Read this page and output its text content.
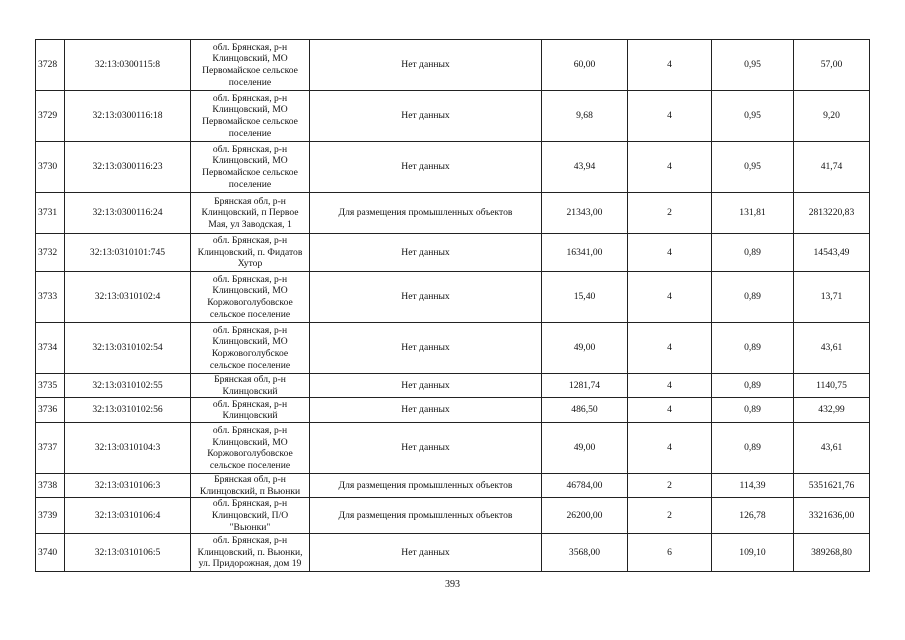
3728	32:13:0300115:8	обл. Брянская, р-н Клинцовский, МО Первомайское сельское поселение	Нет данных	60,00	4	0,95	57,00
3729	32:13:0300116:18	обл. Брянская, р-н Клинцовский, МО Первомайское сельское поселение	Нет данных	9,68	4	0,95	9,20
3730	32:13:0300116:23	обл. Брянская, р-н Клинцовский, МО Первомайское сельское поселение	Нет данных	43,94	4	0,95	41,74
3731	32:13:0300116:24	Брянская обл, р-н Клинцовский, п Первое Мая, ул Заводская, 1	Для размещения промышленных объектов	21343,00	2	131,81	2813220,83
3732	32:13:0310101:745	обл. Брянская, р-н Клинцовский, п. Фидатов Хутор	Нет данных	16341,00	4	0,89	14543,49
3733	32:13:0310102:4	обл. Брянская, р-н Клинцовский, МО Коржовоголубовское сельское поселение	Нет данных	15,40	4	0,89	13,71
3734	32:13:0310102:54	обл. Брянская, р-н Клинцовский, МО Коржовоголубское сельское поселение	Нет данных	49,00	4	0,89	43,61
3735	32:13:0310102:55	Брянская обл, р-н Клинцовский	Нет данных	1281,74	4	0,89	1140,75
3736	32:13:0310102:56	обл. Брянская, р-н Клинцовский	Нет данных	486,50	4	0,89	432,99
3737	32:13:0310104:3	обл. Брянская, р-н Клинцовский, МО Коржовоголубовское сельское поселение	Нет данных	49,00	4	0,89	43,61
3738	32:13:0310106:3	Брянская обл, р-н Клинцовский, п Вьюнки	Для размещения промышленных объектов	46784,00	2	114,39	5351621,76
3739	32:13:0310106:4	обл. Брянская, р-н Клинцовский, П/О "Вьюнки"	Для размещения промышленных объектов	26200,00	2	126,78	3321636,00
3740	32:13:0310106:5	обл. Брянская, р-н Клинцовский, п. Вьюнки, ул. Придорожная, дом 19	Нет данных	3568,00	6	109,10	389268,80
393
